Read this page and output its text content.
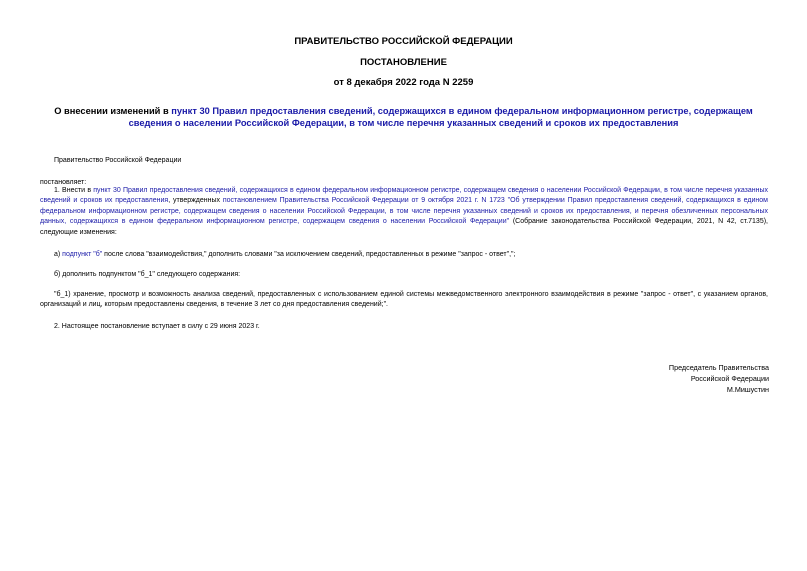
ПРАВИТЕЛЬСТВО РОССИЙСКОЙ ФЕДЕРАЦИИ
ПОСТАНОВЛЕНИЕ
от 8 декабря 2022 года N 2259
О внесении изменений в пункт 30 Правил предоставления сведений, содержащихся в едином федеральном информационном регистре, содержащем сведения о населении Российской Федерации, в том числе перечня указанных сведений и сроков их предоставления
Правительство Российской Федерации
постановляет:
1. Внести в пункт 30 Правил предоставления сведений, содержащихся в едином федеральном информационном регистре, содержащем сведения о населении Российской Федерации, в том числе перечня указанных сведений и сроков их предоставления, утвержденных постановлением Правительства Российской Федерации от 9 октября 2021 г. N 1723 "Об утверждении Правил предоставления сведений, содержащихся в едином федеральном информационном регистре, содержащем сведения о населении Российской Федерации, в том числе перечня указанных сведений и сроков их предоставления, и перечня обезличенных персональных данных, содержащихся в едином федеральном информационном регистре, содержащем сведения о населении Российской Федерации" (Собрание законодательства Российской Федерации, 2021, N 42, ст.7135), следующие изменения:
а) подпункт "б" после слова "взаимодействия," дополнить словами "за исключением сведений, предоставленных в режиме "запрос - ответ",";
б) дополнить подпунктом "б_1" следующего содержания:
"б_1) хранение, просмотр и возможность анализа сведений, предоставленных с использованием единой системы межведомственного электронного взаимодействия в режиме "запрос - ответ", с указанием органов, организаций и лиц, которым предоставлены сведения, в течение 3 лет со дня предоставления сведений;".
2. Настоящее постановление вступает в силу с 29 июня 2023 г.
Председатель Правительства
Российской Федерации
М.Мишустин
